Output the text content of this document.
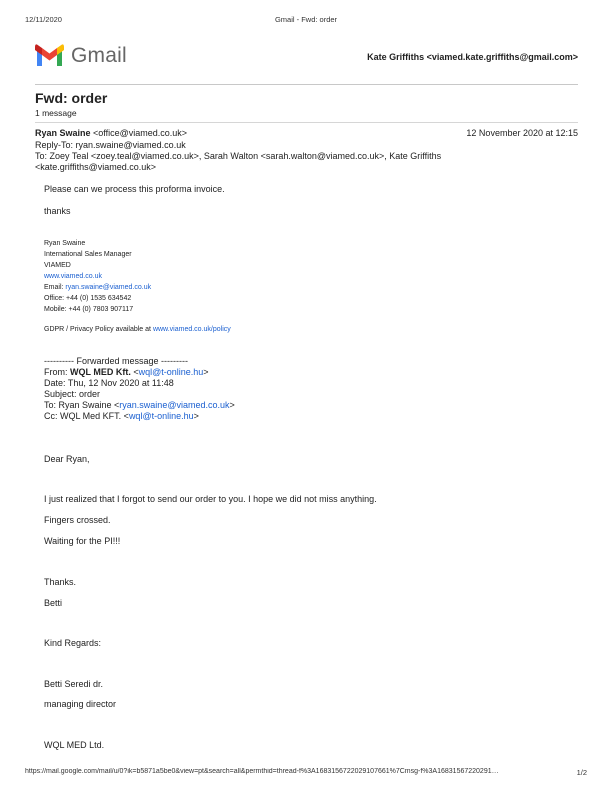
12/11/2020	Gmail - Fwd: order
Gmail	Kate Griffiths <viamed.kate.griffiths@gmail.com>
Fwd: order
1 message
Ryan Swaine <office@viamed.co.uk>	12 November 2020 at 12:15
Reply-To: ryan.swaine@viamed.co.uk
To: Zoey Teal <zoey.teal@viamed.co.uk>, Sarah Walton <sarah.walton@viamed.co.uk>, Kate Griffiths
<kate.griffiths@viamed.co.uk>
Please can we process this proforma invoice.
thanks
Ryan Swaine
International Sales Manager
VIAMED
www.viamed.co.uk
Email: ryan.swaine@viamed.co.uk
Office: +44 (0) 1535 634542
Mobile: +44 (0) 7803 907117
GDPR / Privacy Policy available at www.viamed.co.uk/policy
---------- Forwarded message ---------
From: WQL MED Kft. <wql@t-online.hu>
Date: Thu, 12 Nov 2020 at 11:48
Subject: order
To: Ryan Swaine <ryan.swaine@viamed.co.uk>
Cc: WQL Med KFT. <wql@t-online.hu>
Dear Ryan,
I just realized that I forgot to send our order to you. I hope we did not miss anything.
Fingers crossed.
Waiting for the PI!!!
Thanks.
Betti
Kind Regards:
Betti Seredi dr.
managing director
WQL MED Ltd.
https://mail.google.com/mail/u/0?ik=b5871a5be0&view=pt&search=all&permthid=thread-f%3A1683156722029107661%7Cmsg-f%3A16831567220291…	1/2
